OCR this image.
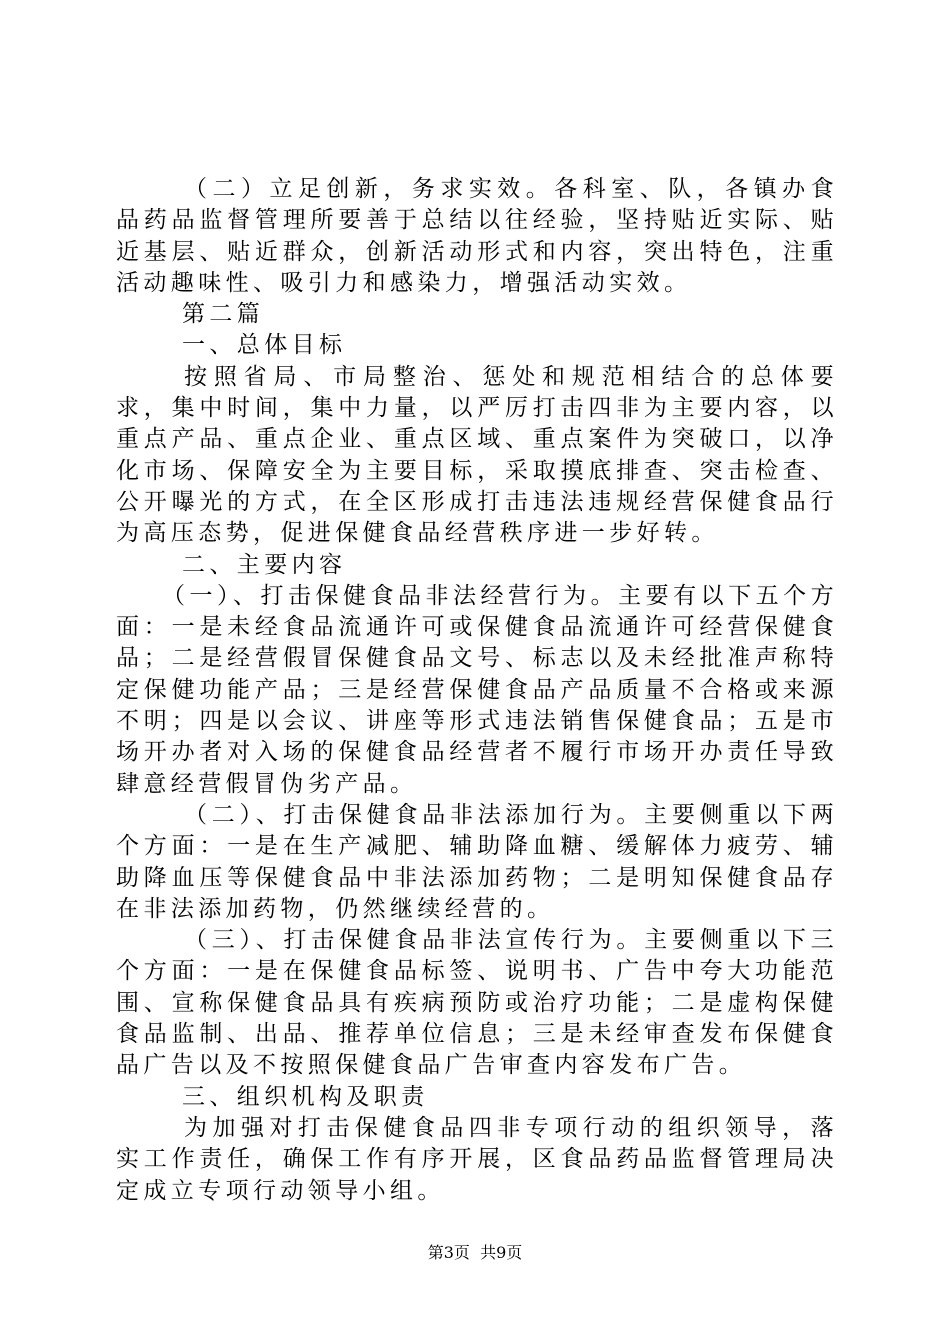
（二）立足创新，务求实效。各科室、队，各镇办食品药品监督管理所要善于总结以往经验，坚持贴近实际、贴近基层、贴近群众，创新活动形式和内容，突出特色，注重活动趣味性、吸引力和感染力，增强活动实效。

第二篇

一、总体目标

按照省局、市局整治、惩处和规范相结合的总体要求，集中时间，集中力量，以严厉打击四非为主要内容，以重点产品、重点企业、重点区域、重点案件为突破口，以净化市场、保障安全为主要目标，采取摸底排查、突击检查、公开曝光的方式，在全区形成打击违法违规经营保健食品行为高压态势，促进保健食品经营秩序进一步好转。

二、主要内容

（一）、打击保健食品非法经营行为。主要有以下五个方面：一是未经食品流通许可或保健食品流通许可经营保健食品；二是经营假冒保健食品文号、标志以及未经批准声称特定保健功能产品；三是经营保健食品产品质量不合格或来源不明；四是以会议、讲座等形式违法销售保健食品；五是市场开办者对入场的保健食品经营者不履行市场开办责任导致肆意经营假冒伪劣产品。

（二）、打击保健食品非法添加行为。主要侧重以下两个方面：一是在生产减肥、辅助降血糖、缓解体力疲劳、辅助降血压等保健食品中非法添加药物；二是明知保健食品存在非法添加药物，仍然继续经营的。

（三）、打击保健食品非法宣传行为。主要侧重以下三个方面：一是在保健食品标签、说明书、广告中夸大功能范围、宣称保健食品具有疾病预防或治疗功能；二是虚构保健食品监制、出品、推荐单位信息；三是未经审查发布保健食品广告以及不按照保健食品广告审查内容发布广告。

三、组织机构及职责

为加强对打击保健食品四非专项行动的组织领导，落实工作责任，确保工作有序开展，区食品药品监督管理局决定成立专项行动领导小组。

第3页  共9页
